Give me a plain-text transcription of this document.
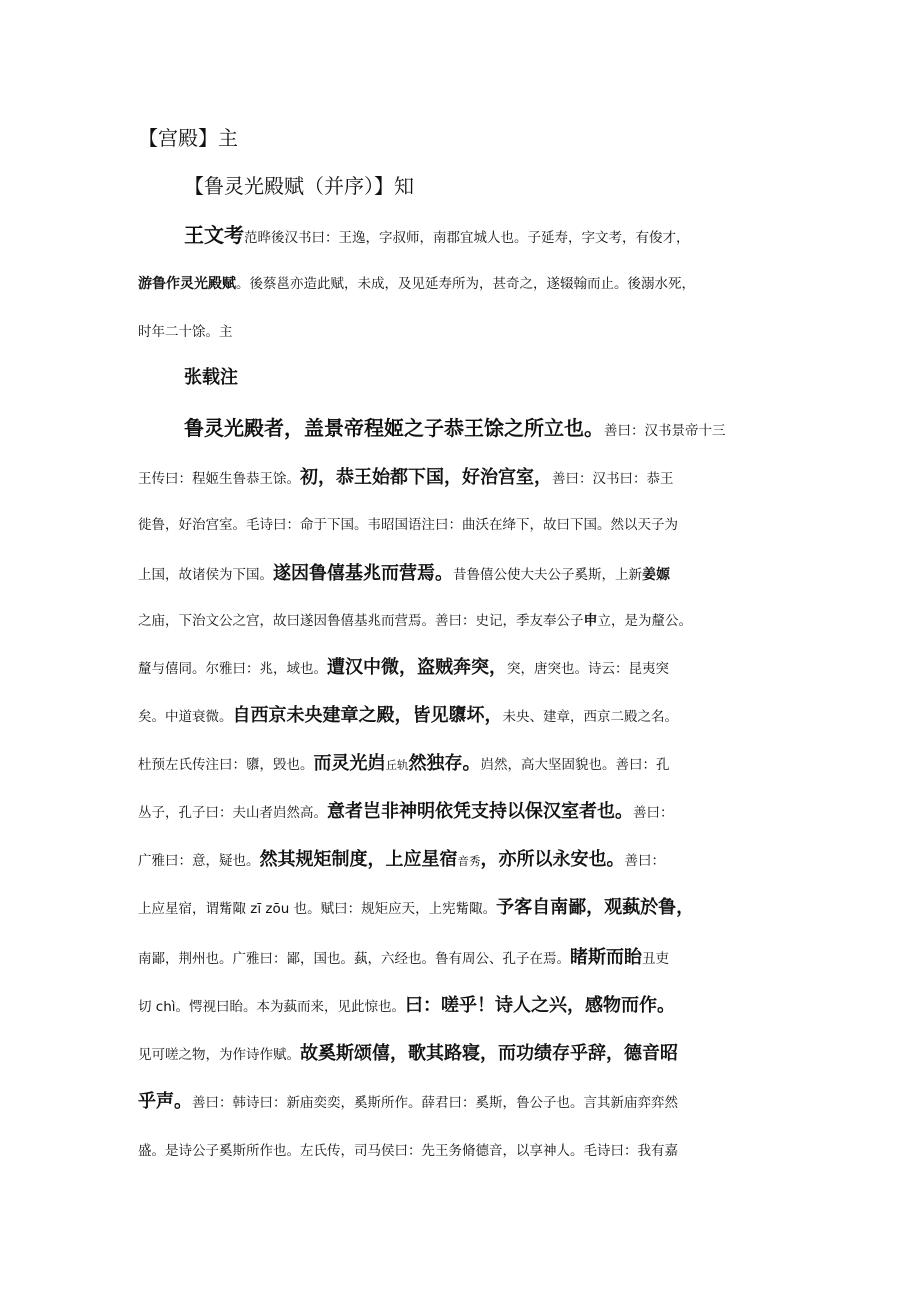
【宫殿】主
【鲁灵光殿赋（并序）】知
王文考范晔後汉书曰：王逸，字叔师，南郡宜城人也。子延寿，字文考，有俊才，
游鲁作灵光殿赋。後蔡邕亦造此赋，未成，及见延寿所为，甚奇之，遂辍翰而止。後溺水死，
时年二十馀。主
张载注
鲁灵光殿者，盖景帝程姬之子恭王馀之所立也。善曰：汉书景帝十三
王传曰：程姬生鲁恭王馀。初，恭王始都下国，好治宫室，善曰：汉书曰：恭王
徙鲁，好治宫室。毛诗曰：命于下国。韦昭国语注曰：曲沃在绛下，故曰下国。然以天子为
上国，故诸侯为下国。遂因鲁僖基兆而营焉。昔鲁僖公使大夫公子奚斯，上新姜嫄
之庙，下治文公之宫，故曰遂因鲁僖基兆而营焉。善曰：史记，季友奉公子申立，是为釐公。
釐与僖同。尔雅曰：兆，域也。遭汉中微，盗贼奔突，突，唐突也。诗云：昆夷突
矣。中道衰微。自西京未央建章之殿，皆见隳坏，未央、建章，西京二殿之名。
杜预左氏传注曰：隳，毁也。而灵光岿丘轨然独存。岿然，高大坚固貌也。善曰：孔
丛子，孔子曰：夫山者岿然高。意者岂非神明依凭支持以保汉室者也。善曰：
广雅曰：意，疑也。然其规矩制度，上应星宿音秀，亦所以永安也。善曰：
上应星宿，谓觜陬 zī zōu 也。赋曰：规矩应天，上宪觜陬。予客自南鄙，观蓺於鲁，
南鄙，荆州也。广雅曰：鄙，国也。蓺，六经也。鲁有周公、孔子在焉。睹斯而眙丑吏
切 chì。愕视曰眙。本为蓺而来，见此惊也。曰：嗟乎！诗人之兴，感物而作。
见可嗟之物，为作诗作赋。故奚斯颂僖，歌其路寝，而功绩存乎辞，德音昭
乎声。善曰：韩诗曰：新庙奕奕，奚斯所作。薛君曰：奚斯，鲁公子也。言其新庙弈弈然
盛。是诗公子奚斯所作也。左氏传，司马侯曰：先王务脩德音，以享神人。毛诗曰：我有嘉
